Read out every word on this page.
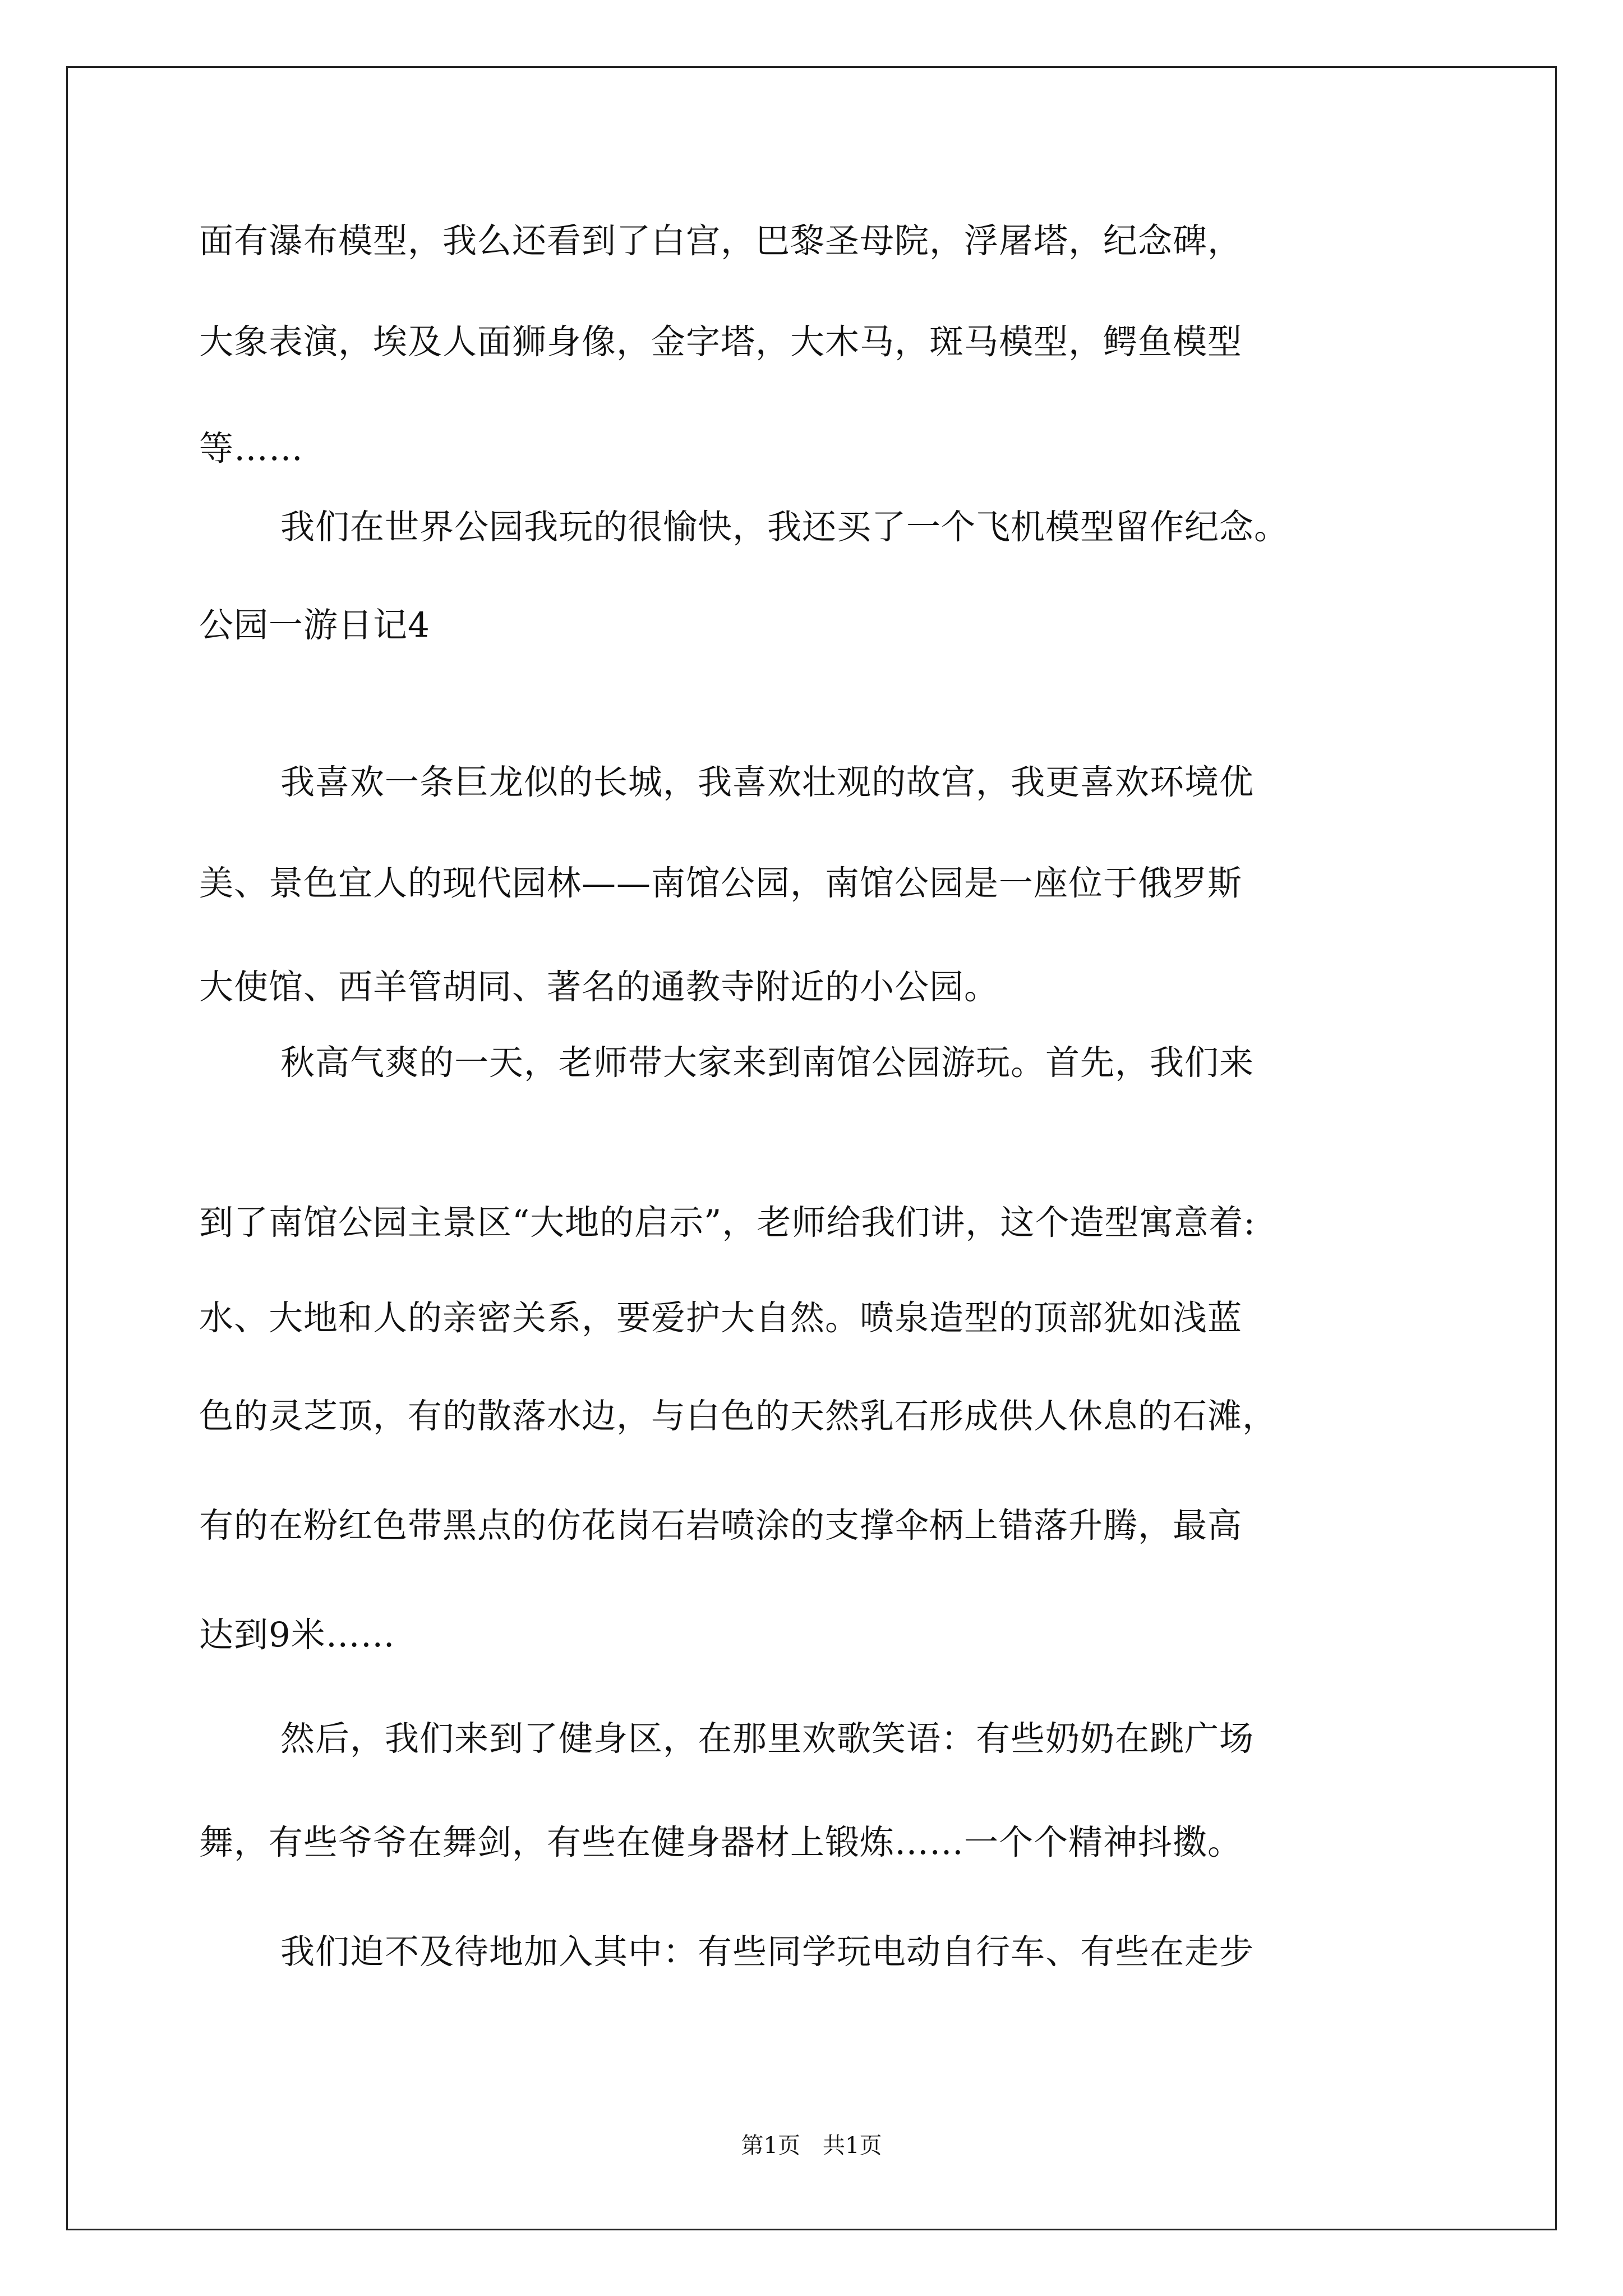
面有瀑布模型，我么还看到了白宫，巴黎圣母院，浮屠塔，纪念碑，
大象表演，埃及人面狮身像，金字塔，大木马，斑马模型，鳄鱼模型
等……
我们在世界公园我玩的很愉快，我还买了一个飞机模型留作纪念。
公园一游日记4
我喜欢一条巨龙似的长城，我喜欢壮观的故宫，我更喜欢环境优
美、景色宜人的现代园林——南馆公园，南馆公园是一座位于俄罗斯
大使馆、西羊管胡同、著名的通教寺附近的小公园。
秋高气爽的一天，老师带大家来到南馆公园游玩。首先，我们来
到了南馆公园主景区“大地的启示”，老师给我们讲，这个造型寓意着:
水、大地和人的亲密关系，要爱护大自然。喷泉造型的顶部犹如浅蓝
色的灵芝顶，有的散落水边，与白色的天然乳石形成供人休息的石滩，
有的在粉红色带黑点的仿花岗石岩喷涂的支撑伞柄上错落升腾，最高
达到9米……
然后，我们来到了健身区，在那里欢歌笑语：有些奶奶在跳广场
舞，有些爷爷在舞剑，有些在健身器材上锻炼……一个个精神抖擞。
我们迫不及待地加入其中：有些同学玩电动自行车、有些在走步
第1页　共1页
